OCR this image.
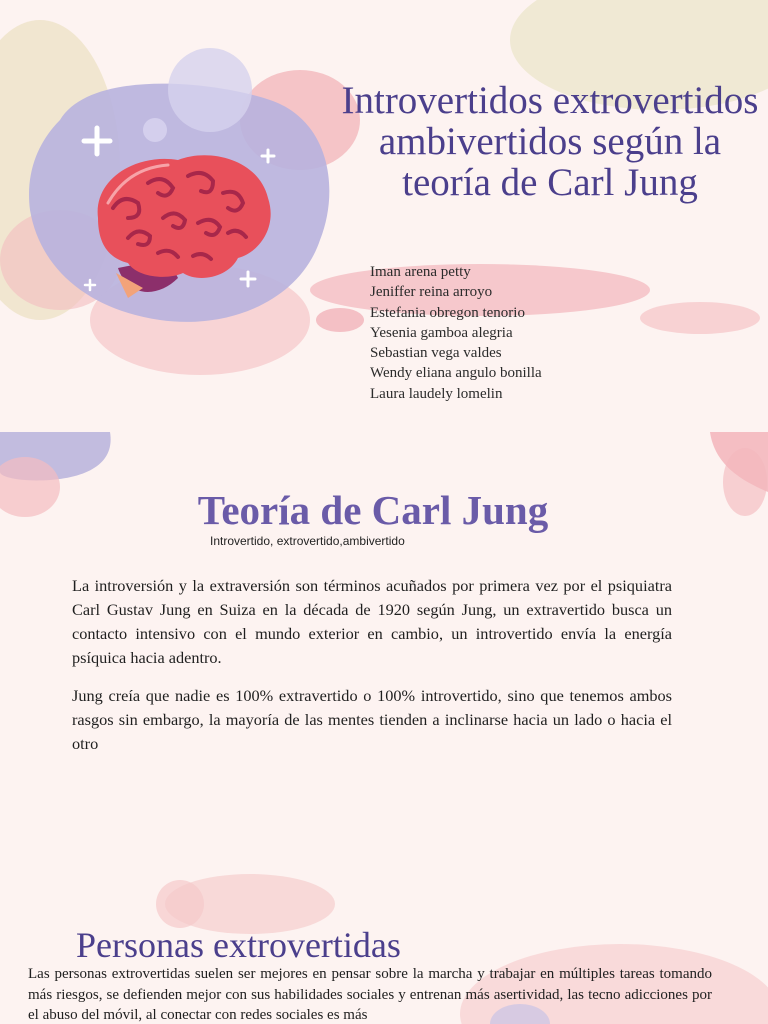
Introvertidos extrovertidos ambivertidos según la teoría de Carl Jung
Iman arena petty
Jeniffer reina arroyo
Estefania obregon tenorio
Yesenia gamboa alegria
Sebastian vega valdes
Wendy eliana angulo bonilla
Laura laudely lomelin
Teoría de Carl Jung
Introvertido, extrovertido,ambivertido
La introversión y la extraversión son términos acuñados por primera vez por el psiquiatra Carl Gustav Jung en Suiza en la década de 1920 según Jung, un extravertido busca un contacto intensivo con el mundo exterior en cambio, un introvertido envía la energía psíquica hacia adentro.
Jung creía que nadie es 100% extravertido o 100% introvertido, sino que tenemos ambos rasgos sin embargo, la mayoría de las mentes tienden a inclinarse hacia un lado o hacia el otro
Personas extrovertidas
Las personas extrovertidas suelen ser mejores en pensar sobre la marcha y trabajar en múltiples tareas tomando más riesgos, se defienden mejor con sus habilidades sociales y entrenan más asertividad, las tecno adicciones por el abuso del móvil, al conectar con redes sociales es más
